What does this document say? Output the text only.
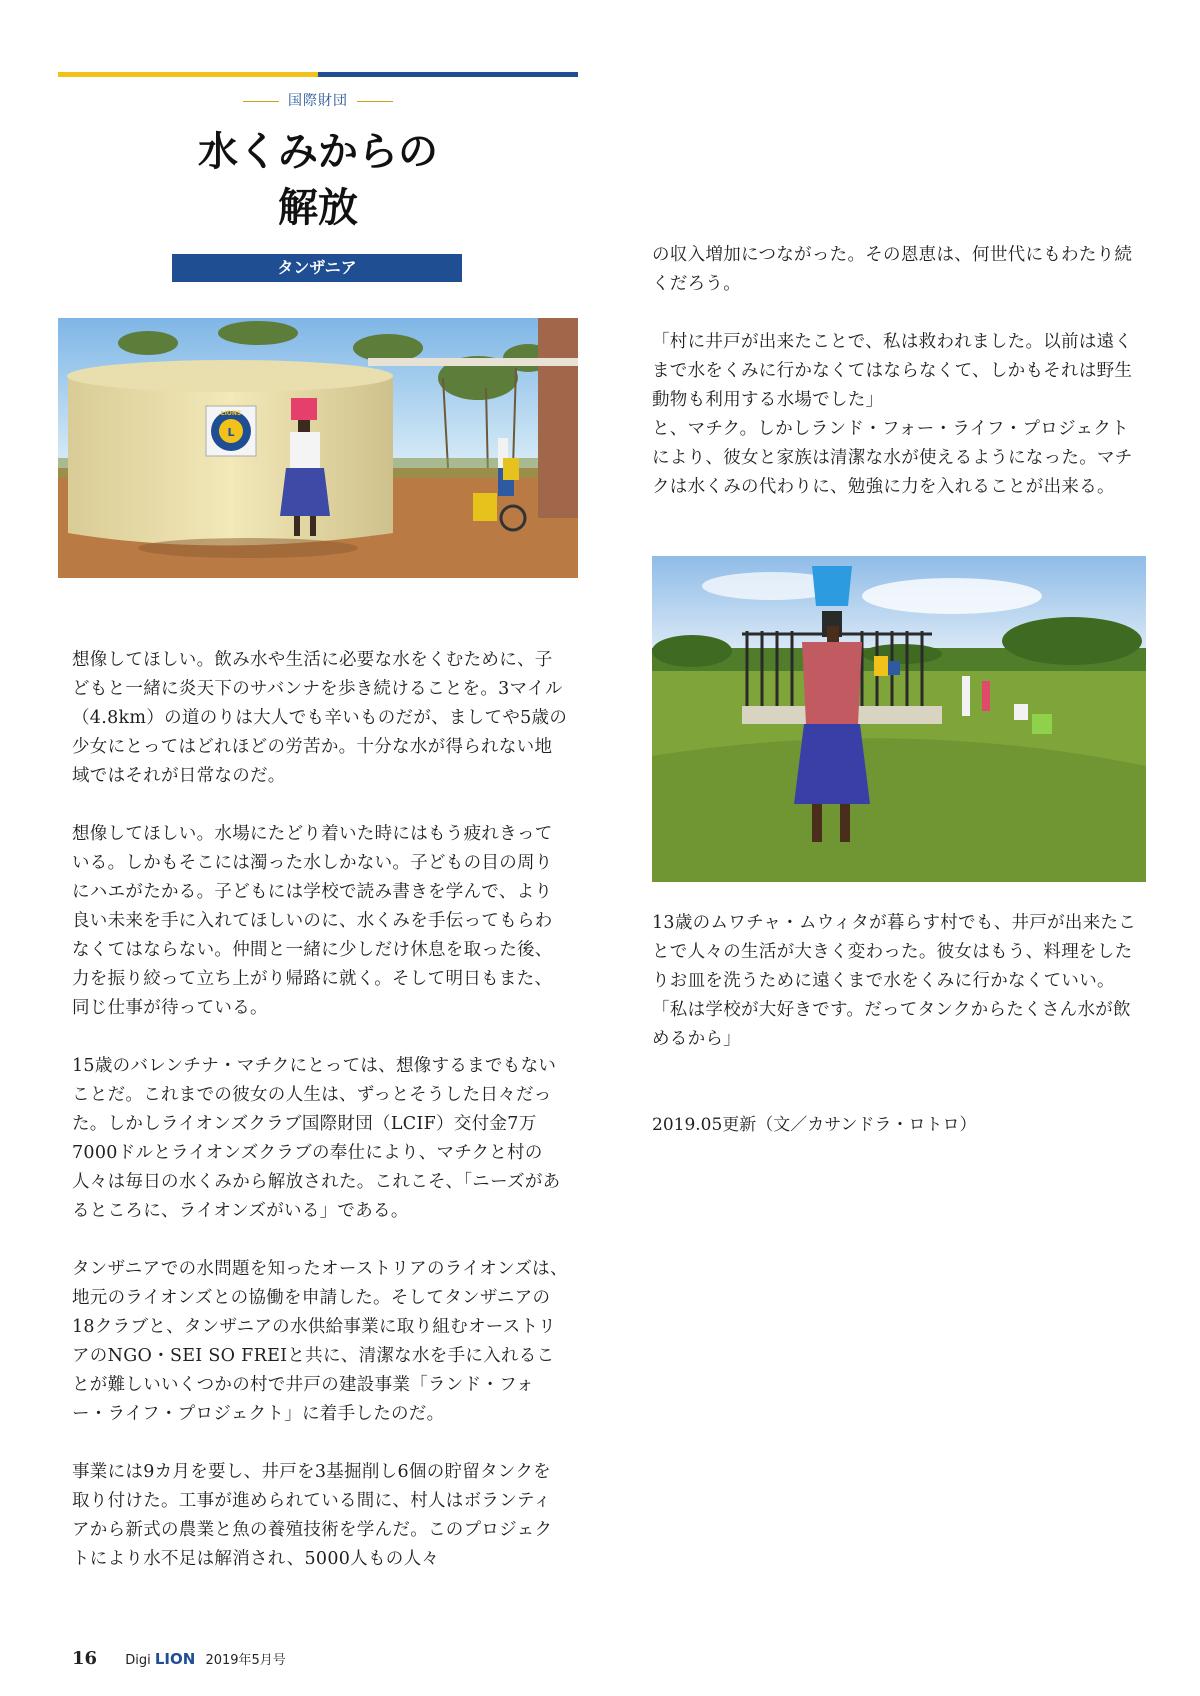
国際財団
水くみからの
解放
タンザニア
L
LIONS

想像してほしい。飲み水や生活に必要な水をくむために、子どもと一緒に炎天下のサバンナを歩き続けることを。3マイル（4.8km）の道のりは大人でも辛いものだが、ましてや5歳の少女にとってはどれほどの労苦か。十分な水が得られない地域ではそれが日常なのだ。

想像してほしい。水場にたどり着いた時にはもう疲れきっている。しかもそこには濁った水しかない。子どもの目の周りにハエがたかる。子どもには学校で読み書きを学んで、より良い未来を手に入れてほしいのに、水くみを手伝ってもらわなくてはならない。仲間と一緒に少しだけ休息を取った後、力を振り絞って立ち上がり帰路に就く。そして明日もまた、同じ仕事が待っている。

15歳のバレンチナ・マチクにとっては、想像するまでもないことだ。これまでの彼女の人生は、ずっとそうした日々だった。しかしライオンズクラブ国際財団（LCIF）交付金7万7000ドルとライオンズクラブの奉仕により、マチクと村の人々は毎日の水くみから解放された。これこそ、「ニーズがあるところに、ライオンズがいる」である。

タンザニアでの水問題を知ったオーストリアのライオンズは、地元のライオンズとの協働を申請した。そしてタンザニアの18クラブと、タンザニアの水供給事業に取り組むオーストリアのNGO・SEI SO FREIと共に、清潔な水を手に入れることが難しいいくつかの村で井戸の建設事業「ランド・フォー・ライフ・プロジェクト」に着手したのだ。

事業には9カ月を要し、井戸を3基掘削し6個の貯留タンクを取り付けた。工事が進められている間に、村人はボランティアから新式の農業と魚の養殖技術を学んだ。このプロジェクトにより水不足は解消され、5000人もの人々

の収入増加につながった。その恩恵は、何世代にもわたり続くだろう。

「村に井戸が出来たことで、私は救われました。以前は遠くまで水をくみに行かなくてはならなくて、しかもそれは野生動物も利用する水場でした」

と、マチク。しかしランド・フォー・ライフ・プロジェクトにより、彼女と家族は清潔な水が使えるようになった。マチクは水くみの代わりに、勉強に力を入れることが出来る。

13歳のムワチャ・ムウィタが暮らす村でも、井戸が出来たことで人々の生活が大きく変わった。彼女はもう、料理をしたりお皿を洗うために遠くまで水をくみに行かなくていい。

「私は学校が大好きです。だってタンクからたくさん水が飲めるから」

2019.05更新（文／カサンドラ・ロトロ）
16 Digi LION 2019年5月号
